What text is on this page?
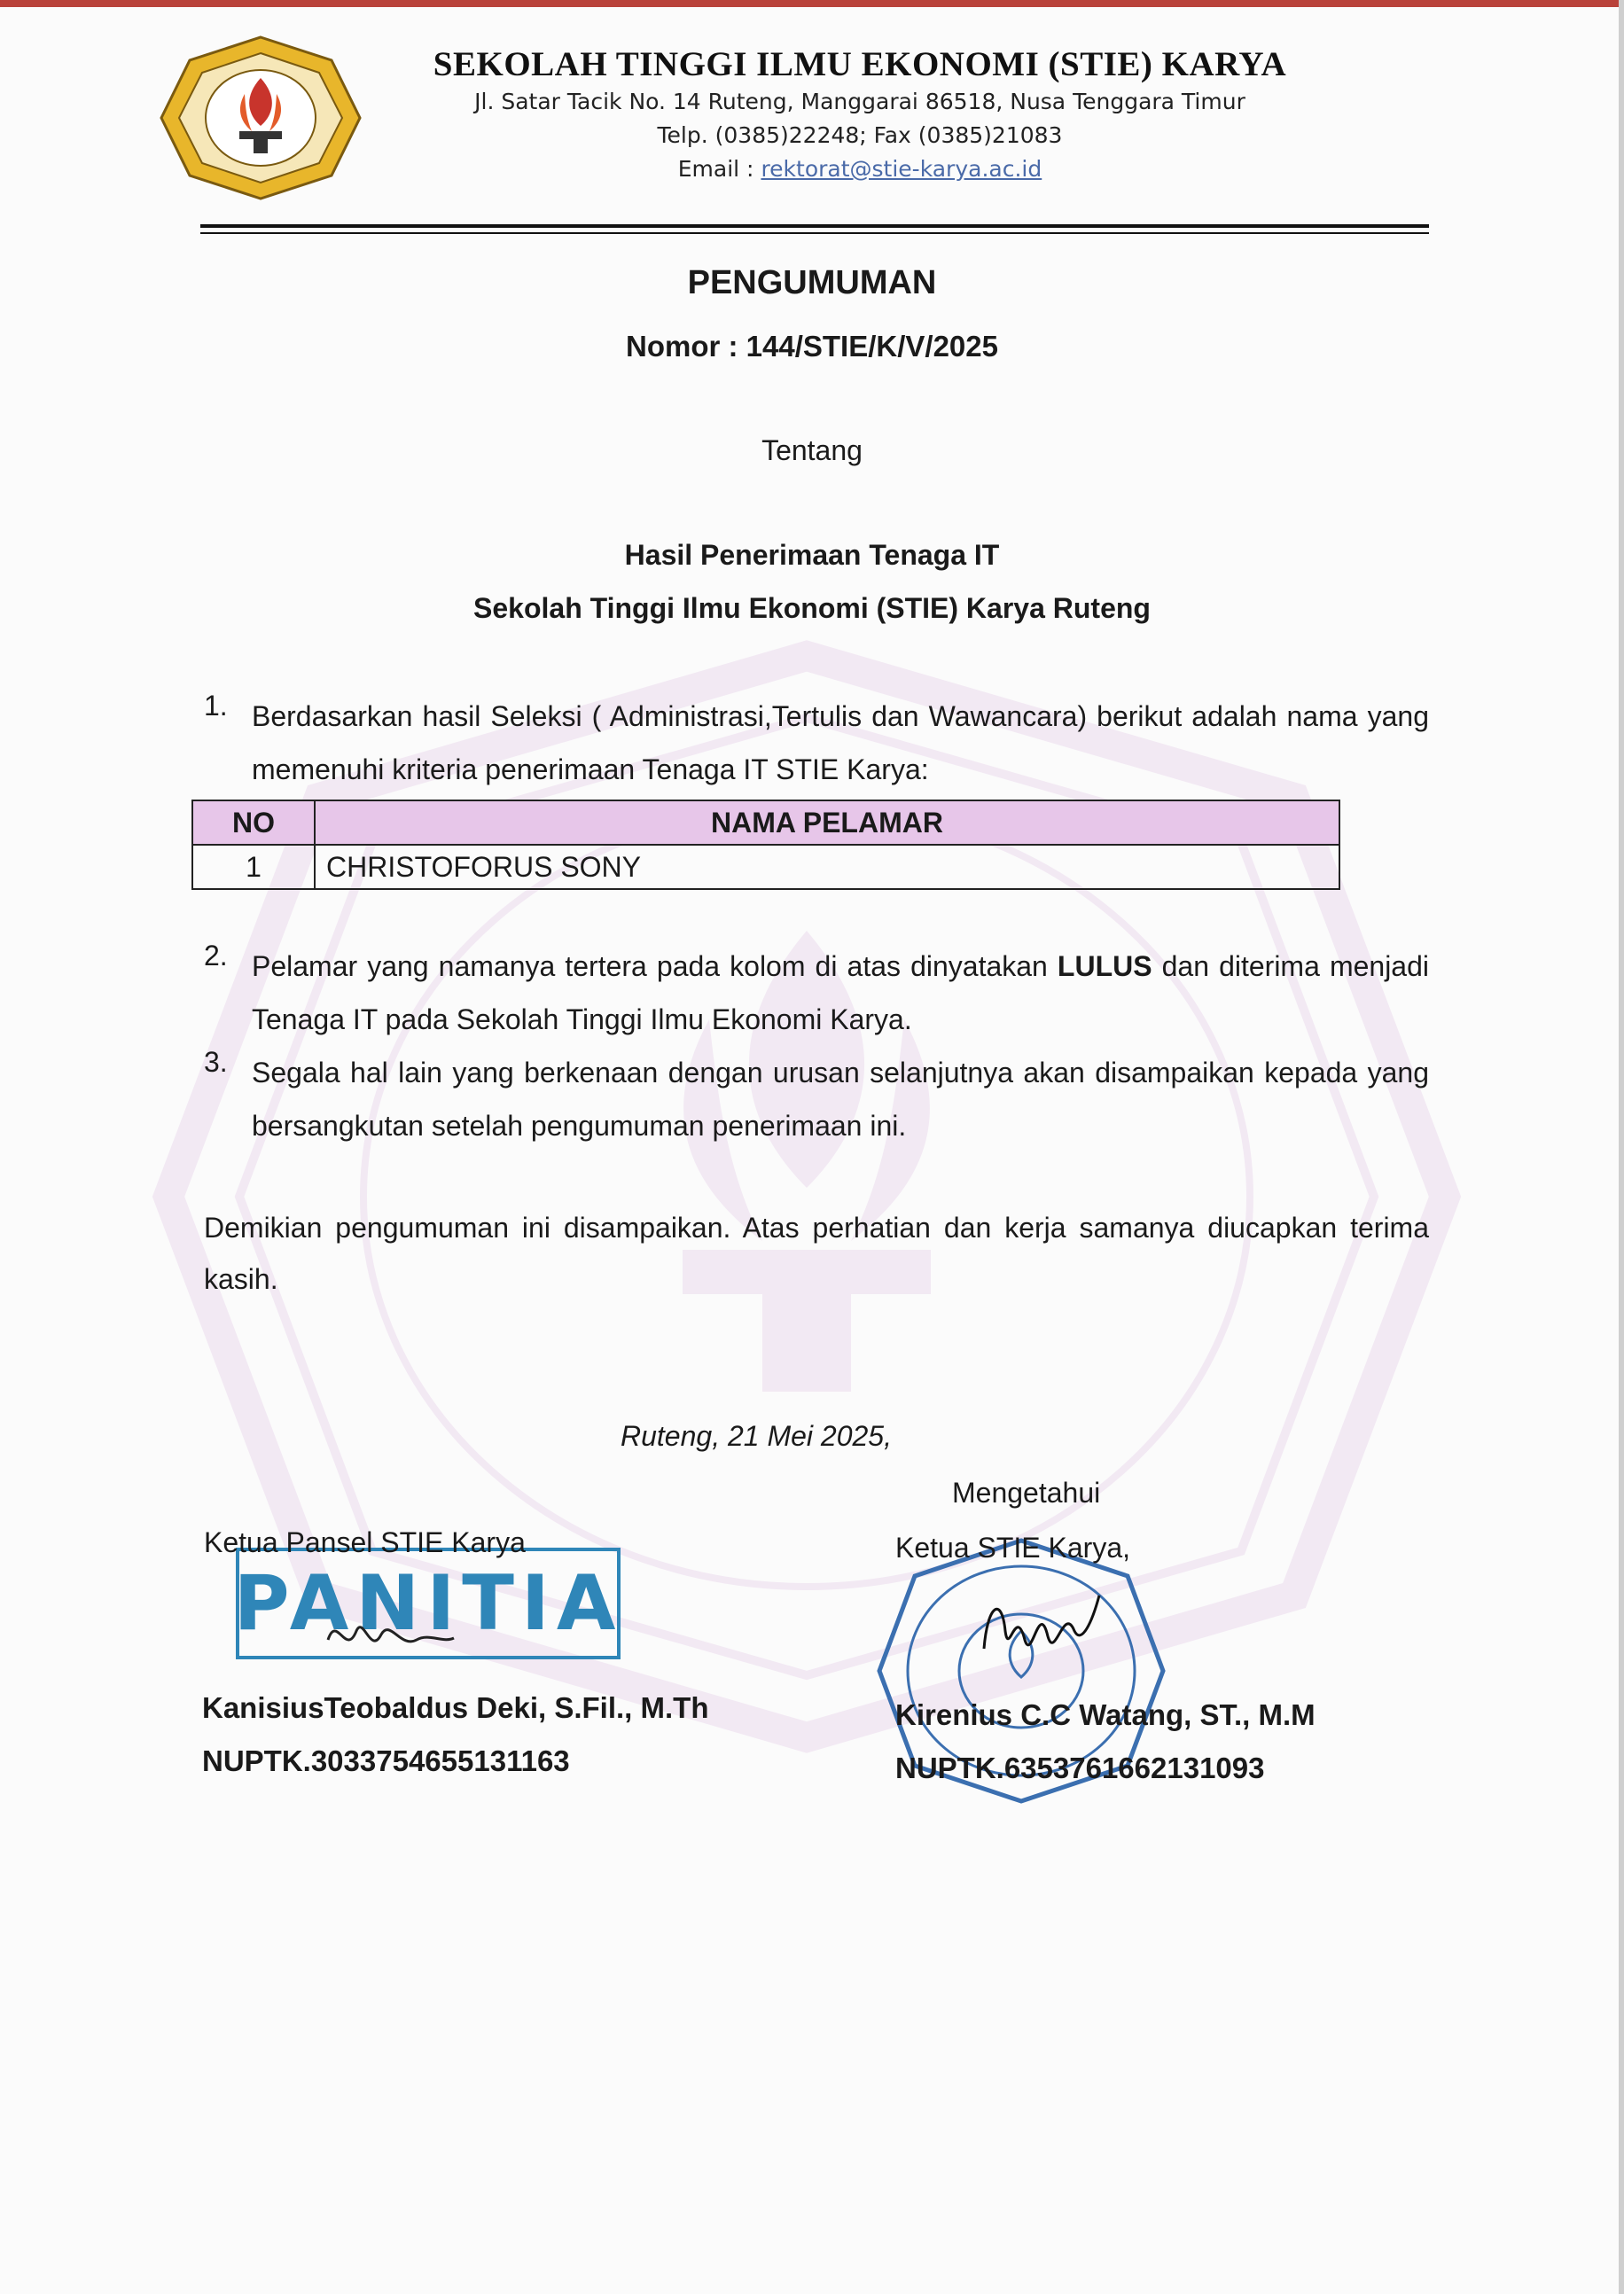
SEKOLAH TINGGI ILMU EKONOMI (STIE) KARYA
Jl. Satar Tacik No. 14 Ruteng, Manggarai 86518, Nusa Tenggara Timur
Telp. (0385)22248; Fax (0385)21083
Email : rektorat@stie-karya.ac.id
PENGUMUMAN
Nomor : 144/STIE/K/V/2025
Tentang
Hasil Penerimaan Tenaga IT
Sekolah Tinggi Ilmu Ekonomi (STIE) Karya Ruteng
1. Berdasarkan hasil Seleksi ( Administrasi,Tertulis dan Wawancara) berikut adalah nama yang memenuhi kriteria penerimaan Tenaga IT STIE Karya:
NO	NAMA PELAMAR
1	CHRISTOFORUS SONY
2. Pelamar yang namanya tertera pada kolom di atas dinyatakan LULUS dan diterima menjadi Tenaga IT pada Sekolah Tinggi Ilmu Ekonomi Karya.
3. Segala hal lain yang berkenaan dengan urusan selanjutnya akan disampaikan kepada yang bersangkutan setelah pengumuman penerimaan ini.
Demikian pengumuman ini disampaikan. Atas perhatian dan kerja samanya diucapkan terima kasih.
Ruteng, 21 Mei 2025,
Mengetahui
PANITIA
Ketua Pansel STIE Karya	Ketua STIE Karya,
KanisiusTeobaldus Deki, S.Fil., M.Th
NUPTK.3033754655131163
Kirenius C.C Watang, ST., M.M
NUPTK.6353761662131093
